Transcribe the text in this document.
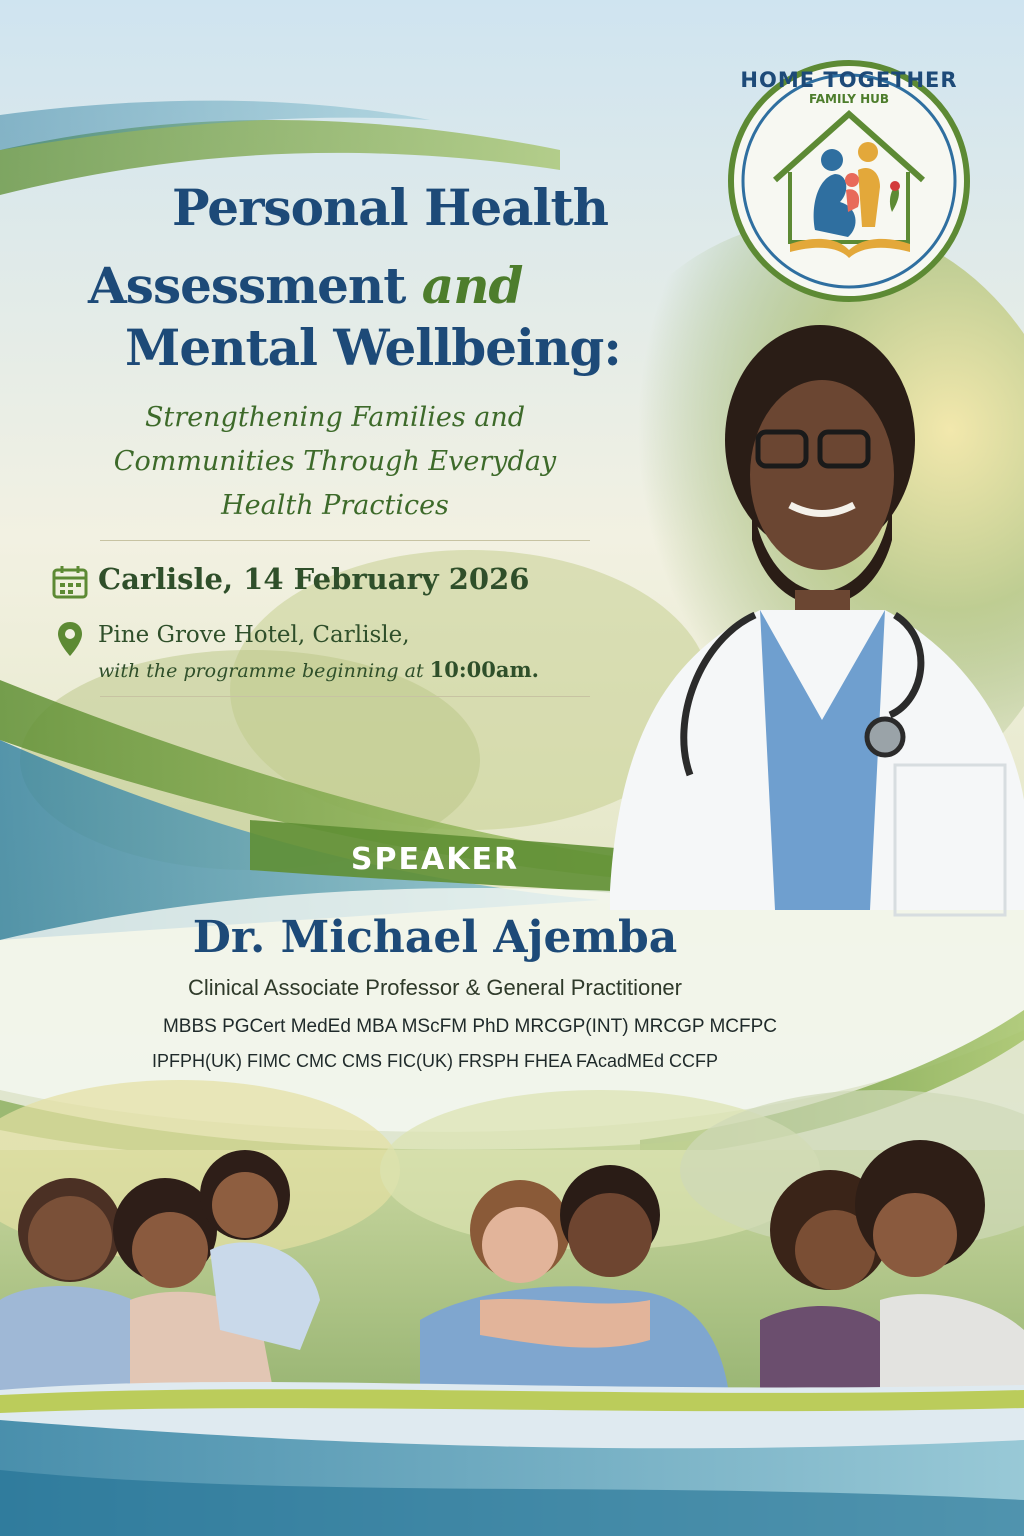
HOME TOGETHER
FAMILY HUB
Personal Health
Assessment and
Mental Wellbeing:
Strengthening Families and
Communities Through Everyday
Health Practices
Carlisle, 14 February 2026
Pine Grove Hotel, Carlisle,
with the programme beginning at 10:00am.
SPEAKER
Dr. Michael Ajemba
Clinical Associate Professor & General Practitioner
MBBS PGCert MedEd MBA MScFM PhD MRCGP(INT) MRCGP MCFPC
IPFPH(UK) FIMC CMC CMS FIC(UK) FRSPH FHEA FAcadMEd CCFP
